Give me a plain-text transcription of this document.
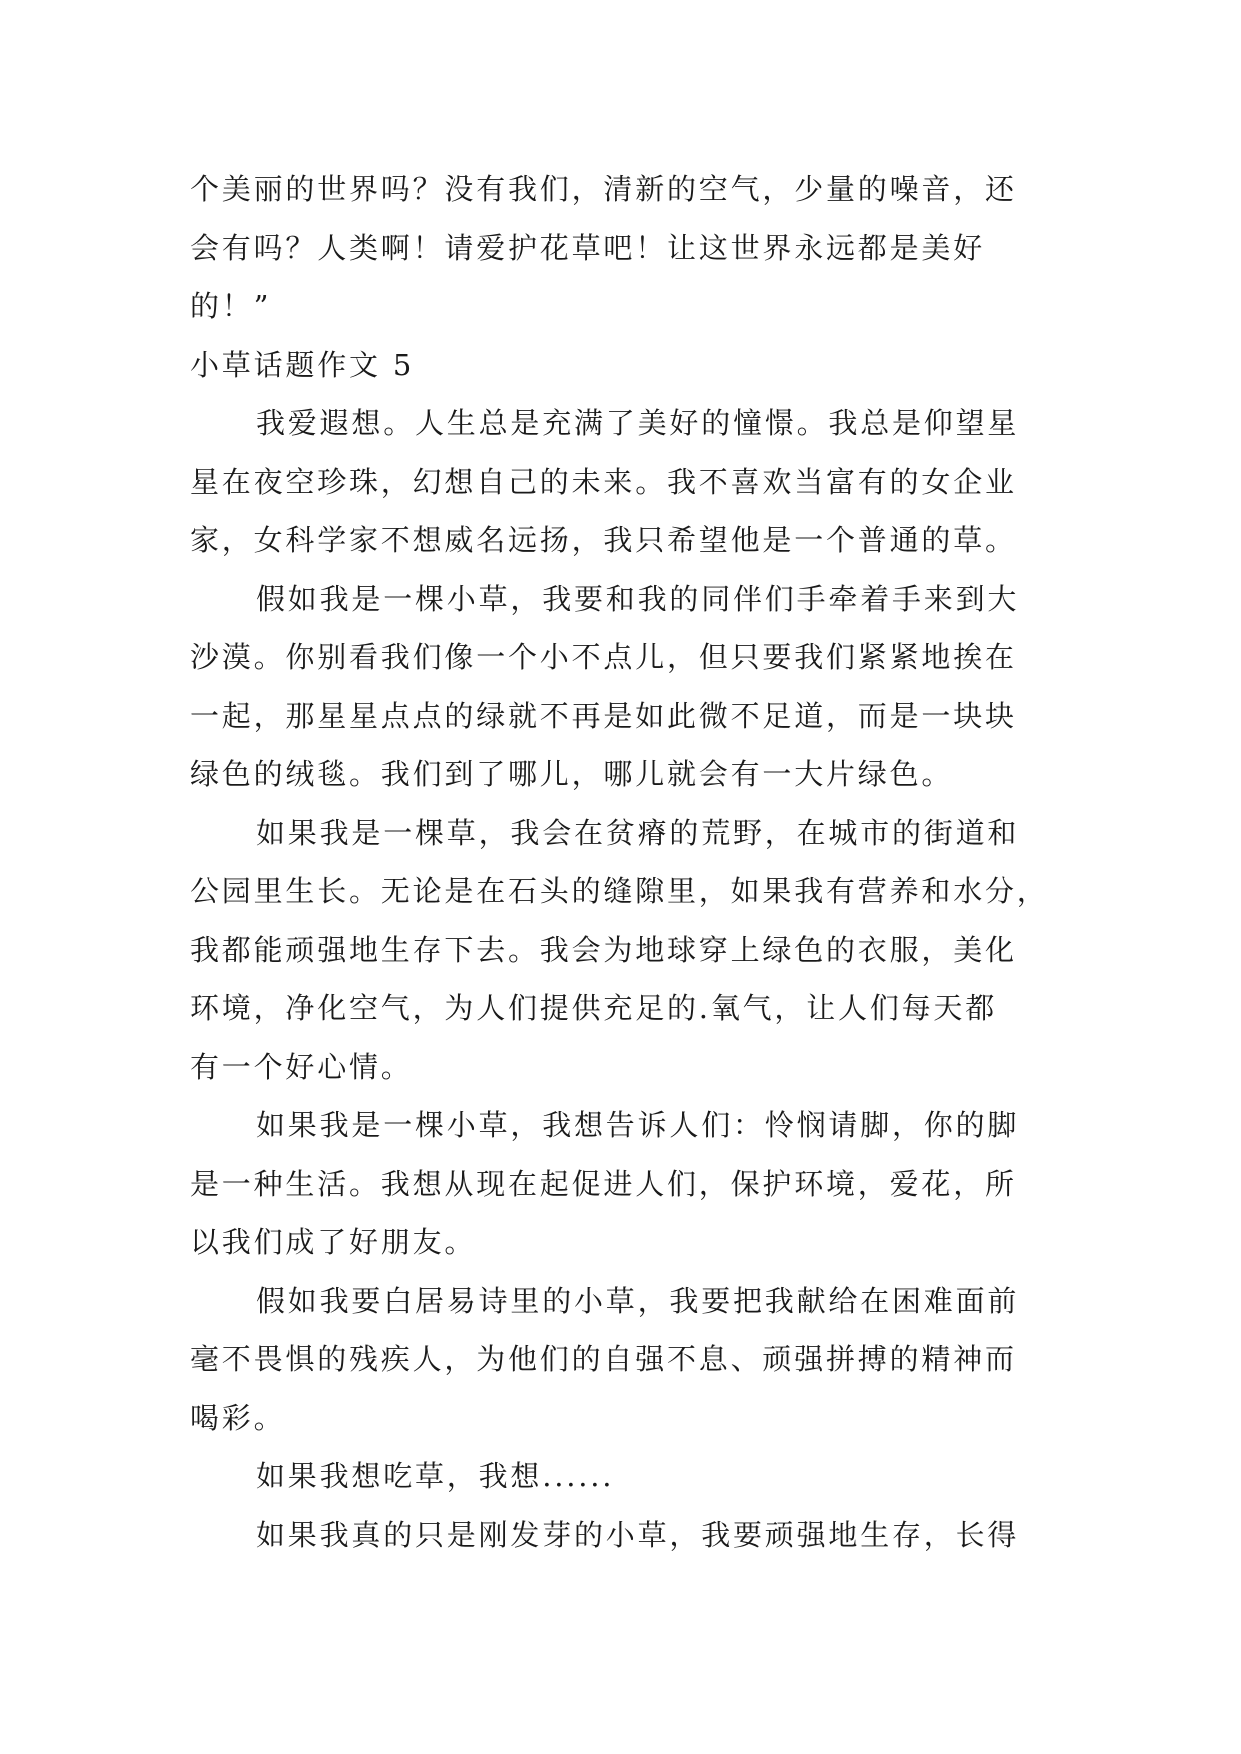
个美丽的世界吗？没有我们，清新的空气，少量的噪音，还
会有吗？人类啊！请爱护花草吧！让这世界永远都是美好
的！”
小草话题作文 5
我爱遐想。人生总是充满了美好的憧憬。我总是仰望星
星在夜空珍珠，幻想自己的未来。我不喜欢当富有的女企业
家，女科学家不想威名远扬，我只希望他是一个普通的草。
假如我是一棵小草，我要和我的同伴们手牵着手来到大
沙漠。你别看我们像一个小不点儿，但只要我们紧紧地挨在
一起，那星星点点的绿就不再是如此微不足道，而是一块块
绿色的绒毯。我们到了哪儿，哪儿就会有一大片绿色。
如果我是一棵草，我会在贫瘠的荒野，在城市的街道和
公园里生长。无论是在石头的缝隙里，如果我有营养和水分，
我都能顽强地生存下去。我会为地球穿上绿色的衣服，美化
环境，净化空气，为人们提供充足的.氧气，让人们每天都
有一个好心情。
如果我是一棵小草，我想告诉人们：怜悯请脚，你的脚
是一种生活。我想从现在起促进人们，保护环境，爱花，所
以我们成了好朋友。
假如我要白居易诗里的小草，我要把我献给在困难面前
毫不畏惧的残疾人，为他们的自强不息、顽强拼搏的精神而
喝彩。
如果我想吃草，我想......
如果我真的只是刚发芽的小草，我要顽强地生存，长得
